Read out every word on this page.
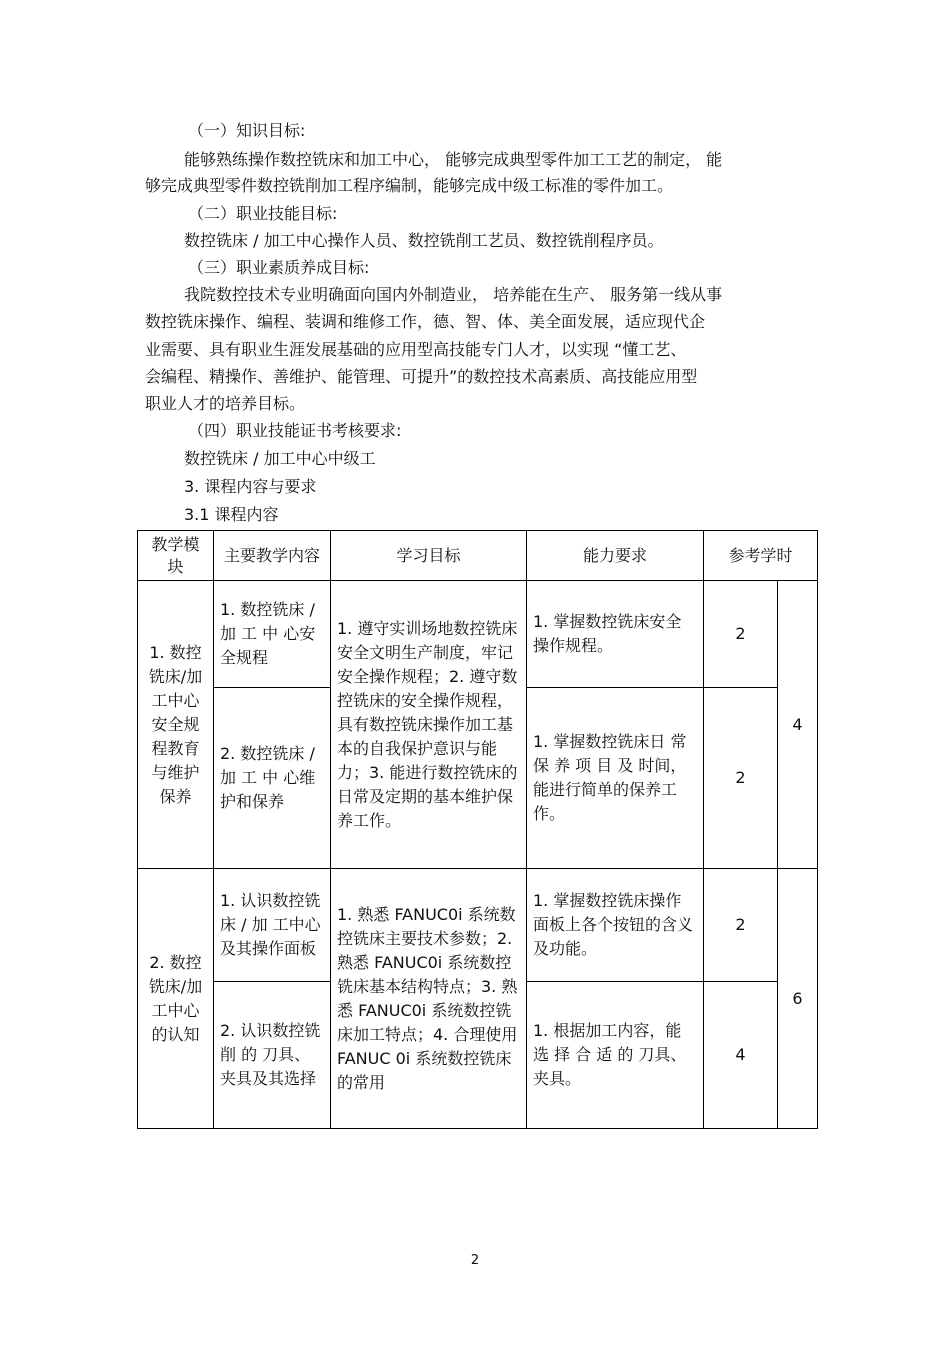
（一）知识目标:
能够熟练操作数控铣床和加工中心， 能够完成典型零件加工工艺的制定， 能
够完成典型零件数控铣削加工程序编制，能够完成中级工标准的零件加工。
（二）职业技能目标:
数控铣床 / 加工中心操作人员、数控铣削工艺员、数控铣削程序员。
（三）职业素质养成目标:
我院数控技术专业明确面向国内外制造业， 培养能在生产、 服务第一线从事
数控铣床操作、编程、装调和维修工作，德、智、体、美全面发展，适应现代企
业需要、具有职业生涯发展基础的应用型高技能专门人才，以实现 “懂工艺、
会编程、精操作、善维护、能管理、可提升”的数控技术高素质、高技能应用型
职业人才的培养目标。
（四）职业技能证书考核要求:
数控铣床 / 加工中心中级工
3. 课程内容与要求
3.1 课程内容
教学模块	主要教学内容	学习目标	能力要求	参考学时	
1. 数控铣床/加工中心安全规程教育与维护保养	1. 数控铣床 / 加 工 中 心安全规程	1. 遵守实训场地数控铣床安全文明生产制度，牢记安全操作规程；2. 遵守数控铣床的安全操作规程，具有数控铣床操作加工基本的自我保护意识与能力；3. 能进行数控铣床的日常及定期的基本维护保养工作。	1. 掌握数控铣床安全操作规程。	2	4
	2. 数控铣床 / 加 工 中 心维护和保养		1. 掌握数控铣床日 常 保 养 项 目 及 时间，能进行简单的保养工作。	2	
2. 数控铣床/加工中心的认知	1. 认识数控铣 床 / 加 工中心及其操作面板	1. 熟悉 FANUC0i 系统数控铣床主要技术参数；2. 熟悉 FANUC0i 系统数控铣床基本结构特点；3. 熟悉 FANUC0i 系统数控铣床加工特点；4. 合理使用 FANUC 0i 系统数控铣床的常用	1. 掌握数控铣床操作面板上各个按钮的含义及功能。	2	6
	2. 认识数控铣 削 的 刀具、夹具及其选择		1. 根据加工内容，能 选 择 合 适 的 刀具、夹具。	4	
2
